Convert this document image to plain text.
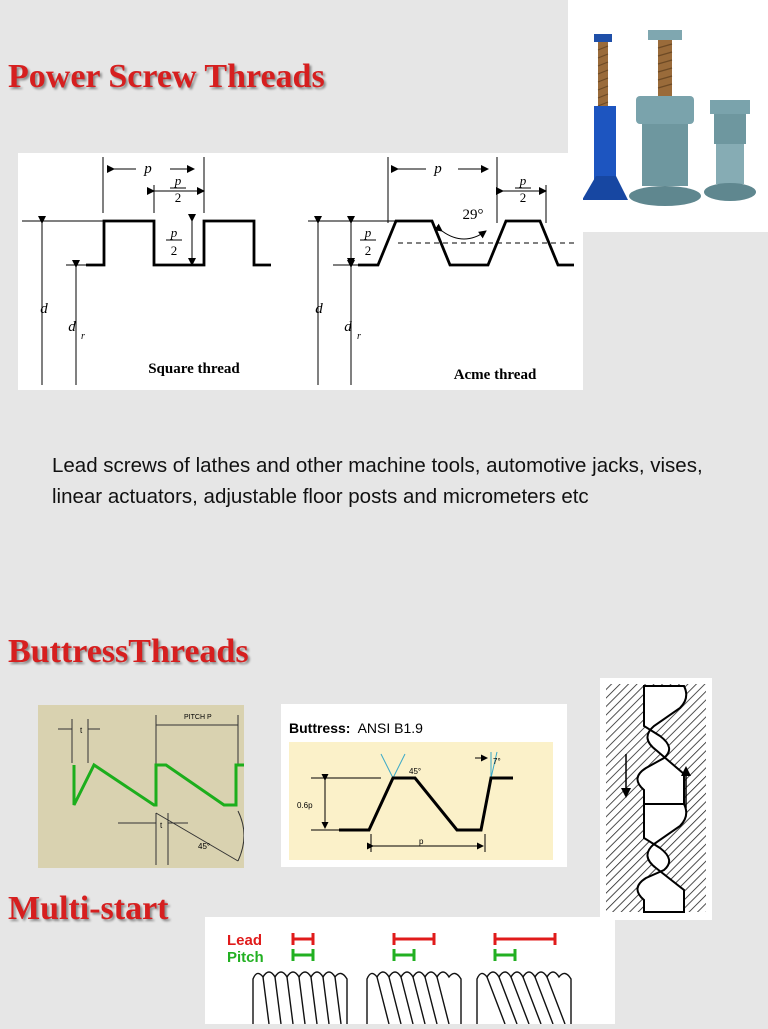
Power Screw Threads
ButtressThreads
Multi-start
p
p
2
p
2
d
d
r
Square thread
p
p
2
29°
p
2
d
d
r
Acme thread
Lead screws of lathes and other machine tools, automotive jacks, vises, linear actuators, adjustable floor posts and micrometers etc
t
PITCH P
t
45°
Buttress: ANSI B1.9
45°
7°
0.6p
p
Lead
Pitch
